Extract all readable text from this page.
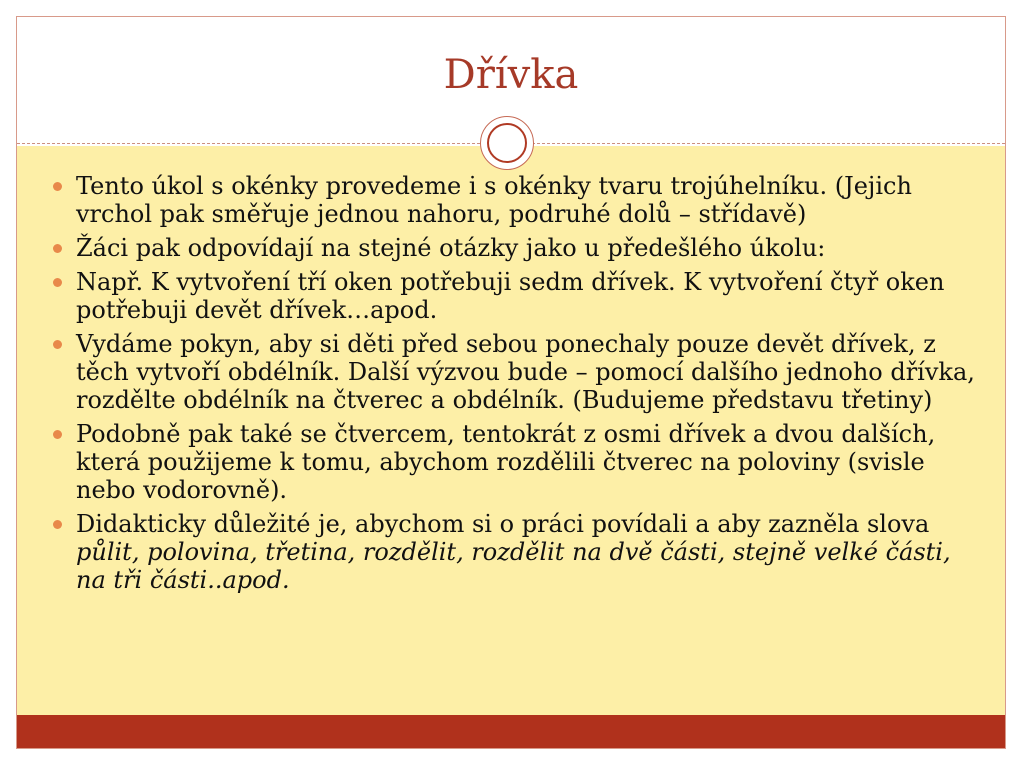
Dřívka
Tento úkol s okénky provedeme i s okénky tvaru trojúhelníku. (Jejich vrchol pak směřuje jednou nahoru, podruhé dolů – střídavě)
Žáci pak odpovídají na stejné otázky jako u předešlého úkolu:
Např. K vytvoření tří oken potřebuji sedm dřívek. K vytvoření čtyř oken potřebuji devět dřívek…apod.
Vydáme pokyn, aby si děti před sebou ponechaly pouze devět dřívek, z těch vytvoří obdélník. Další výzvou bude – pomocí dalšího jednoho dřívka, rozdělte obdélník na čtverec a obdélník. (Budujeme představu třetiny)
Podobně pak také se čtvercem, tentokrát z osmi dřívek a dvou dalších, která použijeme k tomu, abychom rozdělili čtverec na poloviny (svisle nebo vodorovně).
Didakticky důležité je, abychom si o práci povídali a aby zazněla slova půlit, polovina, třetina, rozdělit, rozdělit na dvě části, stejně velké části, na tři části..apod.
